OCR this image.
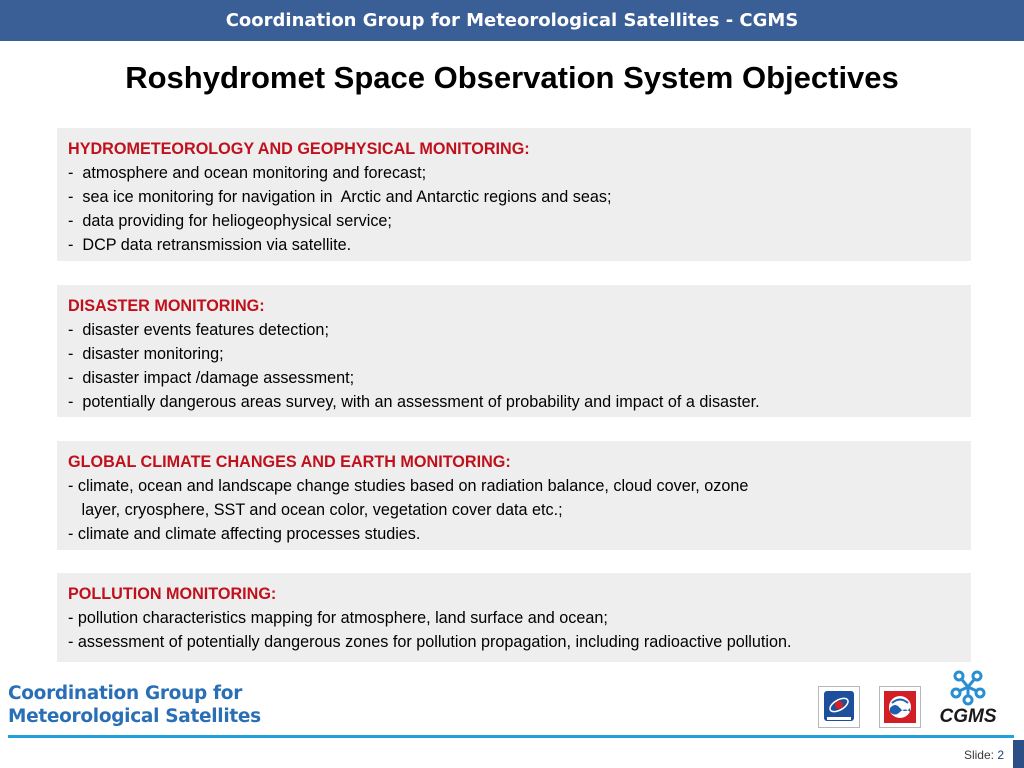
Coordination Group for Meteorological Satellites - CGMS
Roshydromet Space Observation System Objectives
HYDROMETEOROLOGY AND GEOPHYSICAL MONITORING:
-  atmosphere and ocean monitoring and forecast;
-  sea ice monitoring for navigation in  Arctic and Antarctic regions and seas;
-  data providing for heliogeophysical service;
-  DCP data retransmission via satellite.
DISASTER MONITORING:
-  disaster events features detection;
-  disaster monitoring;
-  disaster impact /damage assessment;
-  potentially dangerous areas survey, with an assessment of probability and impact of a disaster.
GLOBAL CLIMATE CHANGES AND EARTH MONITORING:
- climate, ocean and landscape change studies based on radiation balance, cloud cover, ozone
layer, cryosphere, SST and ocean color, vegetation cover data etc.;
- climate and climate affecting processes studies.
POLLUTION MONITORING:
- pollution characteristics mapping for atmosphere, land surface and ocean;
- assessment of potentially dangerous zones for pollution propagation, including radioactive pollution.
Coordination Group for
Meteorological Satellites	CGMS
Slide: 2
